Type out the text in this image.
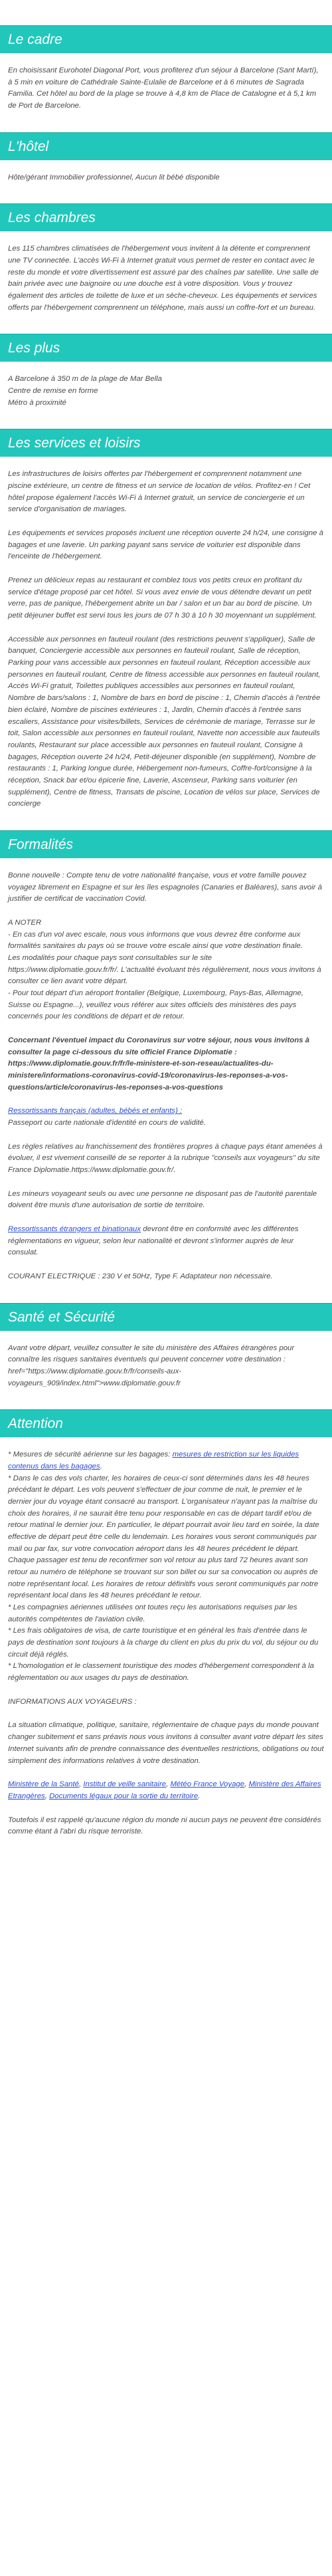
Le cadre

En choisissant Eurohotel Diagonal Port, vous profiterez d'un séjour à Barcelone (Sant Martí), à 5 min en voiture de Cathédrale Sainte-Eulalie de Barcelone et à 6 minutes de Sagrada Familia. Cet hôtel au bord de la plage se trouve à 4,8 km de Place de Catalogne et à 5,1 km de Port de Barcelone.

L'hôtel

Hôte/gérant Immobilier professionnel, Aucun lit bébé disponible

Les chambres

Les 115 chambres climatisées de l'hébergement vous invitent à la détente et comprennent une TV connectée. L'accès Wi-Fi à Internet gratuit vous permet de rester en contact avec le reste du monde et votre divertissement est assuré par des chaînes par satellite. Une salle de bain privée avec une baignoire ou une douche est à votre disposition. Vous y trouvez également des articles de toilette de luxe et un sèche-cheveux. Les équipements et services offerts par l'hébergement comprennent un téléphone, mais aussi un coffre-fort et un bureau.

Les plus
A Barcelone à 350 m de la plage de Mar Bella
Centre de remise en forme
Métro à proximité
Les services et loisirs

Les infrastructures de loisirs offertes par l'hébergement et comprennent notamment une piscine extérieure, un centre de fitness et un service de location de vélos. Profitez-en ! Cet hôtel propose également l'accès Wi-Fi à Internet gratuit, un service de conciergerie et un service d'organisation de mariages.

Les équipements et services proposés incluent une réception ouverte 24 h/24, une consigne à bagages et une laverie. Un parking payant sans service de voiturier est disponible dans l'enceinte de l'hébergement.

Prenez un délicieux repas au restaurant et comblez tous vos petits creux en profitant du service d'étage proposé par cet hôtel. Si vous avez envie de vous détendre devant un petit verre, pas de panique, l'hébergement abrite un bar / salon et un bar au bord de piscine. Un petit déjeuner buffet est servi tous les jours de 07 h 30 à 10 h 30 moyennant un supplément.

Accessible aux personnes en fauteuil roulant (des restrictions peuvent s'appliquer), Salle de banquet, Conciergerie accessible aux personnes en fauteuil roulant, Salle de réception, Parking pour vans accessible aux personnes en fauteuil roulant, Réception accessible aux personnes en fauteuil roulant, Centre de fitness accessible aux personnes en fauteuil roulant, Accès Wi-Fi gratuit, Toilettes publiques accessibles aux personnes en fauteuil roulant, Nombre de bars/salons : 1, Nombre de bars en bord de piscine : 1, Chemin d'accès à l'entrée bien éclairé, Nombre de piscines extérieures : 1, Jardin, Chemin d'accès à l'entrée sans escaliers, Assistance pour visites/billets, Services de cérémonie de mariage, Terrasse sur le toit, Salon accessible aux personnes en fauteuil roulant, Navette non accessible aux fauteuils roulants, Restaurant sur place accessible aux personnes en fauteuil roulant, Consigne à bagages, Réception ouverte 24 h/24, Petit-déjeuner disponible (en supplément), Nombre de restaurants : 1, Parking longue durée, Hébergement non-fumeurs, Coffre-fort/consigne à la réception, Snack bar et/ou épicerie fine, Laverie, Ascenseur, Parking sans voiturier (en supplément), Centre de fitness, Transats de piscine, Location de vélos sur place, Services de concierge

Formalités

Bonne nouvelle : Compte tenu de votre nationalité française, vous et votre famille pouvez voyagez librement en Espagne et sur les îles espagnoles (Canaries et Baléares), sans avoir à justifier de certificat de vaccination Covid.

A NOTER
- En cas d'un vol avec escale, nous vous informons que vous devrez être conforme aux formalités sanitaires du pays où se trouve votre escale ainsi que votre destination finale.
Les modalités pour chaque pays sont consultables sur le site https://www.diplomatie.gouv.fr/fr/. L'actualité évoluant très régulièrement, nous vous invitons à consulter ce lien avant votre départ.
- Pour tout départ d'un aéroport frontalier (Belgique, Luxembourg, Pays-Bas, Allemagne, Suisse ou Espagne...), veuillez vous référer aux sites officiels des ministères des pays concernés pour les conditions de départ et de retour.

Concernant l'éventuel impact du Coronavirus sur votre séjour, nous vous invitons à consulter la page ci-dessous du site officiel France Diplomatie : https://www.diplomatie.gouv.fr/fr/le-ministere-et-son-reseau/actualites-du-ministere/informations-coronavirus-covid-19/coronavirus-les-reponses-a-vos-questions/article/coronavirus-les-reponses-a-vos-questions

Ressortissants français (adultes, bébés et enfants) :

Passeport ou carte nationale d'identité en cours de validité.

Les règles relatives au franchissement des frontières propres à chaque pays étant amenées à évoluer, il est vivement conseillé de se reporter à la rubrique "conseils aux voyageurs" du site France Diplomatie.https://www.diplomatie.gouv.fr/.

Les mineurs voyageant seuls ou avec une personne ne disposant pas de l'autorité parentale doivent être munis d'une autorisation de sortie de territoire.

Ressortissants étrangers et binationaux devront être en conformité avec les différentes réglementations en vigueur, selon leur nationalité et devront s'informer auprès de leur consulat.

COURANT ELECTRIQUE : 230 V et 50Hz, Type F. Adaptateur non nécessaire.

Santé et Sécurité

Avant votre départ, veuillez consulter le site du ministère des Affaires étrangères pour connaître les risques sanitaires éventuels qui peuvent concerner votre destination : href="https://www.diplomatie.gouv.fr/fr/conseils-aux-voyageurs_909/index.html">www.diplomatie.gouv.fr

Attention
* Mesures de sécurité aérienne sur les bagages: mesures de restriction sur les liquides contenus dans les bagages.
* Dans le cas des vols charter, les horaires de ceux-ci sont déterminés dans les 48 heures précédant le départ. Les vols peuvent s'effectuer de jour comme de nuit, le premier et le dernier jour du voyage étant consacré au transport. L'organisateur n'ayant pas la maîtrise du choix des horaires, il ne saurait être tenu pour responsable en cas de départ tardif et/ou de retour matinal le dernier jour. En particulier, le départ pourrait avoir lieu tard en soirée, la date effective de départ peut être celle du lendemain. Les horaires vous seront communiqués par mail ou par fax, sur votre convocation aéroport dans les 48 heures précédent le départ. Chaque passager est tenu de reconfirmer son vol retour au plus tard 72 heures avant son retour au numéro de téléphone se trouvant sur son billet ou sur sa convocation ou auprès de notre représentant local. Les horaires de retour définitifs vous seront communiqués par notre représentant local dans les 48 heures précédant le retour.
* Les compagnies aériennes utilisées ont toutes reçu les autorisations requises par les autorités compétentes de l'aviation civile.
* Les frais obligatoires de visa, de carte touristique et en général les frais d'entrée dans le pays de destination sont toujours à la charge du client en plus du prix du vol, du séjour ou du circuit déjà réglés.
* L'homologation et le classement touristique des modes d'hébergement correspondent à la réglementation ou aux usages du pays de destination.

INFORMATIONS AUX VOYAGEURS :

La situation climatique, politique, sanitaire, réglementaire de chaque pays du monde pouvant changer subitement et sans préavis nous vous invitons à consulter avant votre départ les sites Internet suivants afin de prendre connaissance des éventuelles restrictions, obligations ou tout simplement des informations relatives à votre destination.

Ministère de la Santé, Institut de veille sanitaire, Météo France Voyage, Ministère des Affaires Etrangères, Documents légaux pour la sortie du territoire.

Toutefois il est rappelé qu'aucune région du monde ni aucun pays ne peuvent être considérés comme étant à l'abri du risque terroriste.
